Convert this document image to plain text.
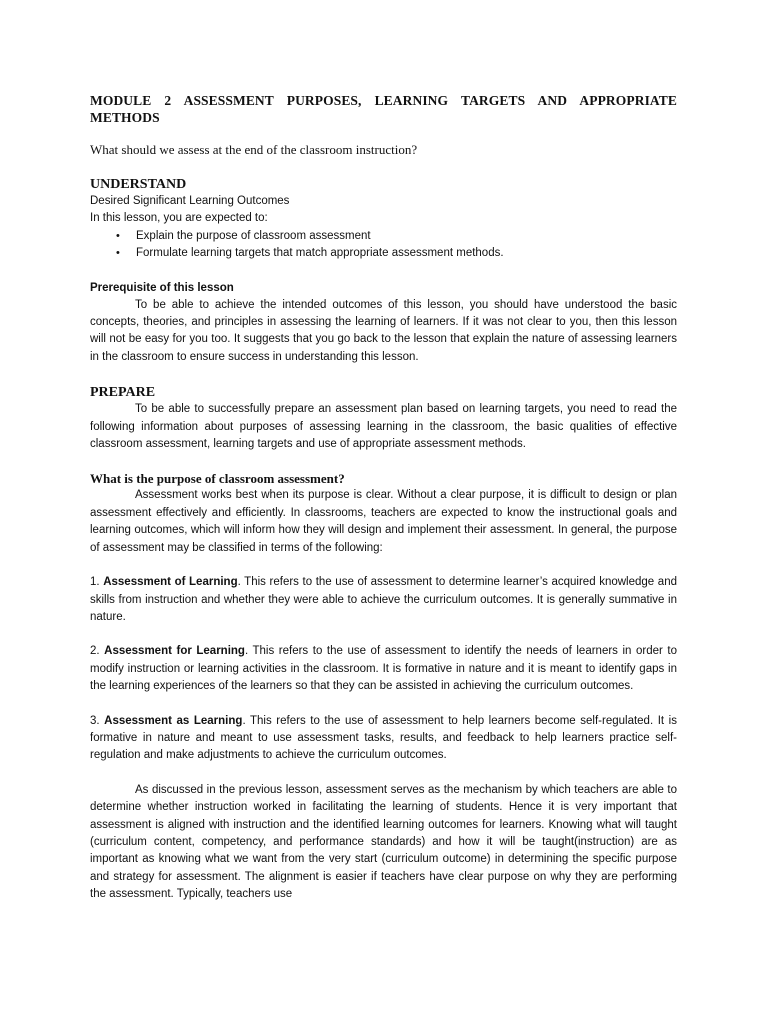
MODULE 2 ASSESSMENT PURPOSES, LEARNING TARGETS AND APPROPRIATE METHODS

What should we assess at the end of the classroom instruction?

UNDERSTAND

Desired Significant Learning Outcomes

In this lesson, you are expected to:

• Explain the purpose of classroom assessment
• Formulate learning targets that match appropriate assessment methods.

Prerequisite of this lesson

To be able to achieve the intended outcomes of this lesson, you should have understood the basic concepts, theories, and principles in assessing the learning of learners. If it was not clear to you, then this lesson will not be easy for you too. It suggests that you go back to the lesson that explain the nature of assessing learners in the classroom to ensure success in understanding this lesson.

PREPARE

To be able to successfully prepare an assessment plan based on learning targets, you need to read the following information about purposes of assessing learning in the classroom, the basic qualities of effective classroom assessment, learning targets and use of appropriate assessment methods.

What is the purpose of classroom assessment?

Assessment works best when its purpose is clear. Without a clear purpose, it is difficult to design or plan assessment effectively and efficiently. In classrooms, teachers are expected to know the instructional goals and learning outcomes, which will inform how they will design and implement their assessment. In general, the purpose of assessment may be classified in terms of the following:

1. Assessment of Learning. This refers to the use of assessment to determine learner’s acquired knowledge and skills from instruction and whether they were able to achieve the curriculum outcomes. It is generally summative in nature.

2. Assessment for Learning. This refers to the use of assessment to identify the needs of learners in order to modify instruction or learning activities in the classroom. It is formative in nature and it is meant to identify gaps in the learning experiences of the learners so that they can be assisted in achieving the curriculum outcomes.

3. Assessment as Learning. This refers to the use of assessment to help learners become self-regulated. It is formative in nature and meant to use assessment tasks, results, and feedback to help learners practice self-regulation and make adjustments to achieve the curriculum outcomes.

As discussed in the previous lesson, assessment serves as the mechanism by which teachers are able to determine whether instruction worked in facilitating the learning of students. Hence it is very important that assessment is aligned with instruction and the identified learning outcomes for learners. Knowing what will taught (curriculum content, competency, and performance standards) and how it will be taught(instruction) are as important as knowing what we want from the very start (curriculum outcome) in determining the specific purpose and strategy for assessment. The alignment is easier if teachers have clear purpose on why they are performing the assessment. Typically, teachers use
